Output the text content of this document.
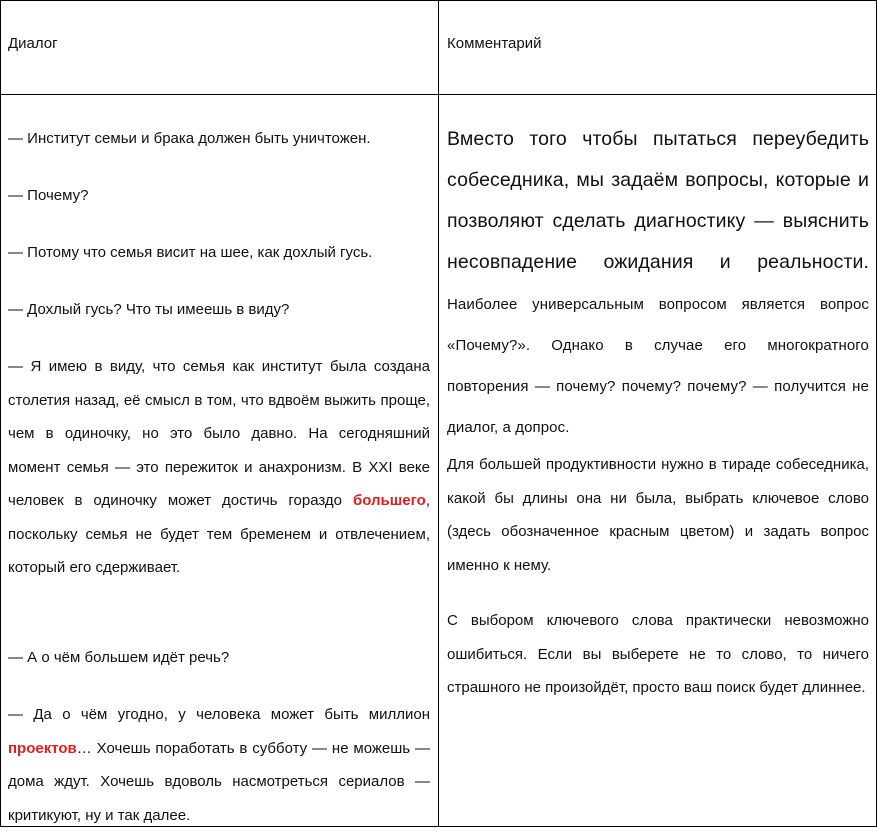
Диалог	Комментарий

— Институт семьи и брака должен быть уничтожен.

— Почему?

— Потому что семья висит на шее, как дохлый гусь.

— Дохлый гусь? Что ты имеешь в виду?

— Я имею в виду, что семья как институт была создана столетия назад, её смысл в том, что вдвоём выжить проще, чем в одиночку, но это было давно. На сегодняшний момент семья — это пережиток и анахронизм. В XXI веке человек в одиночку может достичь гораздо большего, поскольку семья не будет тем бременем и отвлечением, который его сдерживает.

— А о чём большем идёт речь?

— Да о чём угодно, у человека может быть миллион проектов… Хочешь поработать в субботу — не можешь — дома ждут. Хочешь вдоволь насмотреться сериалов — критикуют, ну и так далее.

Вместо того чтобы пытаться переубедить собеседника, мы задаём вопросы, которые и позволяют сделать диагностику — выяснить несовпадение ожидания и реальности. Наиболее универсальным вопросом является вопрос «Почему?». Однако в случае его многократного повторения — почему? почему? почему? — получится не диалог, а допрос.

Для большей продуктивности нужно в тираде собеседника, какой бы длины она ни была, выбрать ключевое слово (здесь обозначенное красным цветом) и задать вопрос именно к нему.

С выбором ключевого слова практически невозможно ошибиться. Если вы выберете не то слово, то ничего страшного не произойдёт, просто ваш поиск будет длиннее.
